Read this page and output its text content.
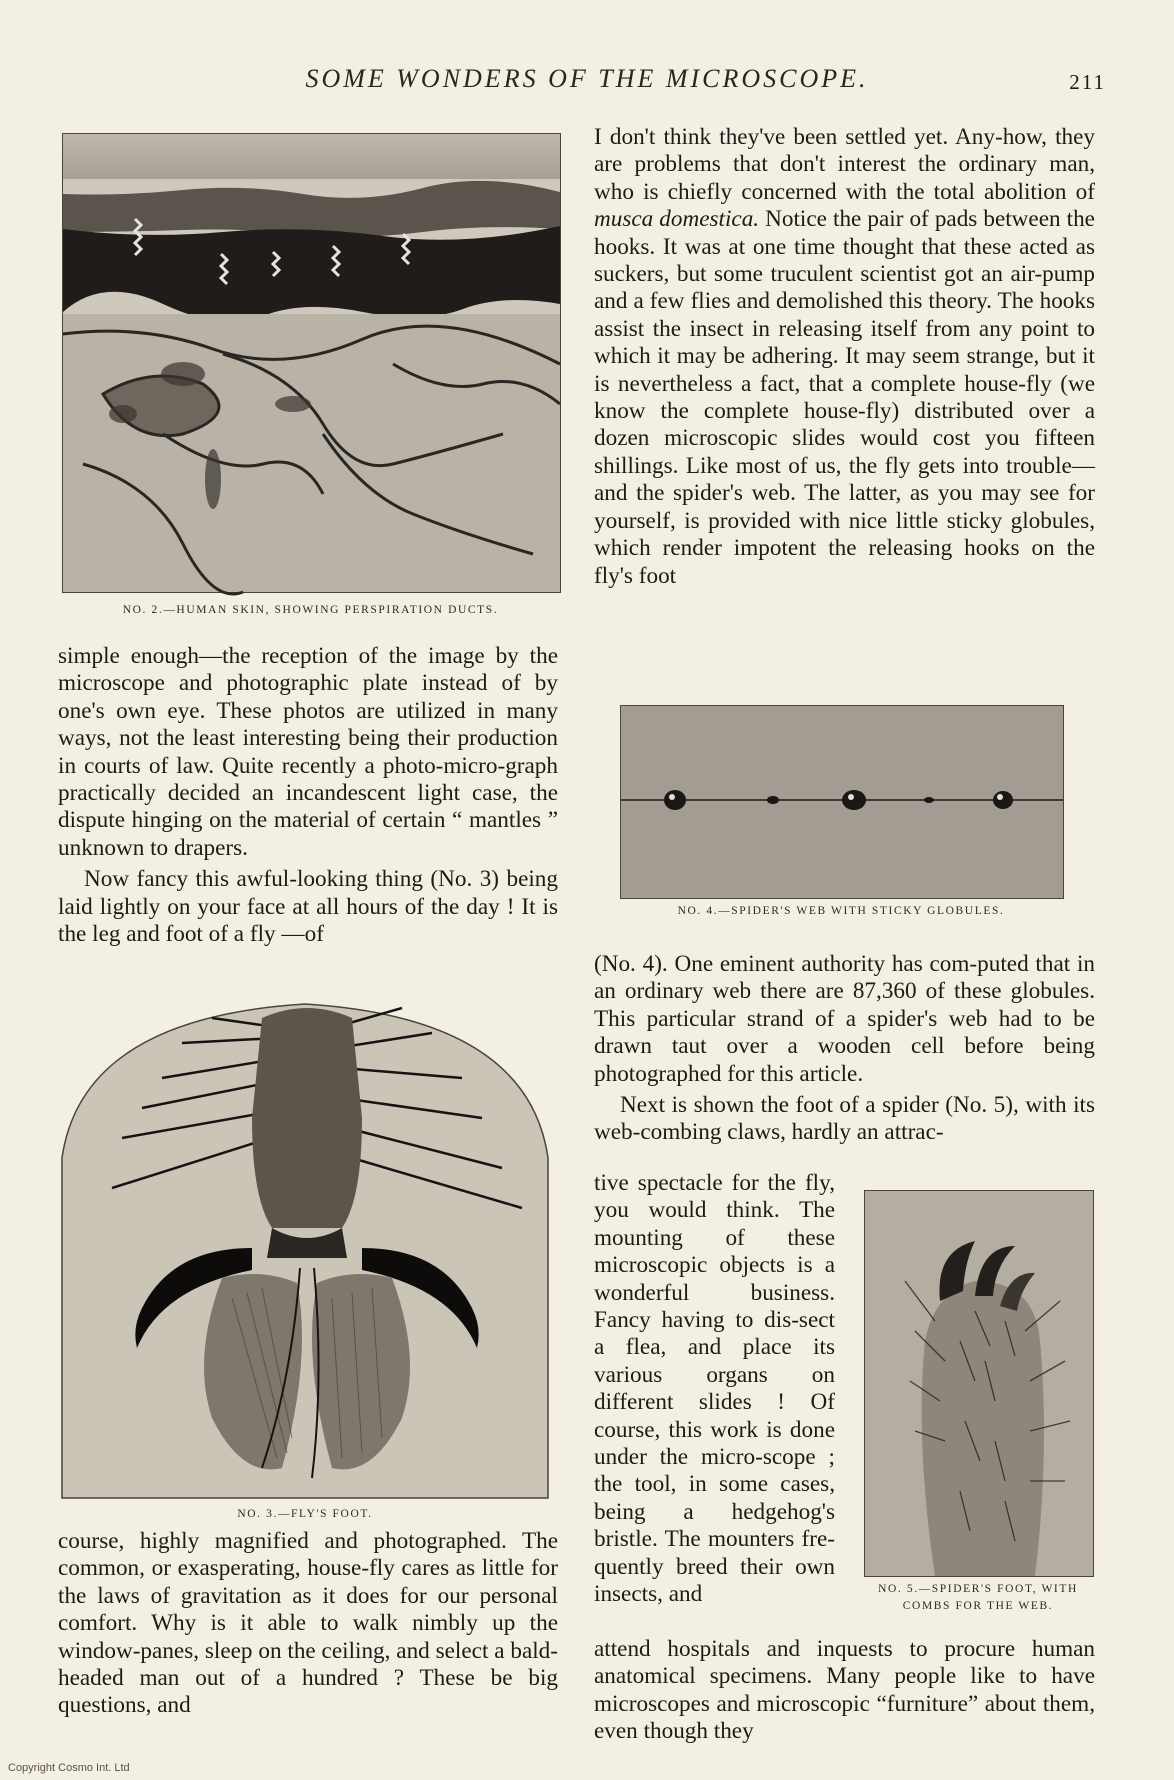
SOME WONDERS OF THE MICROSCOPE.	211
NO. 2.—HUMAN SKIN, SHOWING PERSPIRATION DUCTS.

simple enough—the reception of the image by the microscope and photographic plate instead of by one's own eye. These photos are utilized in many ways, not the least interesting being their production in courts of law. Quite recently a photo-micro-graph practically decided an incandescent light case, the dispute hinging on the material of certain “ mantles ” unknown to drapers.

Now fancy this awful-looking thing (No. 3) being laid lightly on your face at all hours of the day ! It is the leg and foot of a fly —of

NO. 3.—FLY'S FOOT.

course, highly magnified and photographed. The common, or exasperating, house-fly cares as little for the laws of gravitation as it does for our personal comfort. Why is it able to walk nimbly up the window-panes, sleep on the ceiling, and select a bald-headed man out of a hundred ? These be big questions, and

I don't think they've been settled yet. Any-how, they are problems that don't interest the ordinary man, who is chiefly concerned with the total abolition of musca domestica. Notice the pair of pads between the hooks. It was at one time thought that these acted as suckers, but some truculent scientist got an air-pump and a few flies and demolished this theory. The hooks assist the insect in releasing itself from any point to which it may be adhering. It may seem strange, but it is nevertheless a fact, that a complete house-fly (we know the complete house-fly) distributed over a dozen microscopic slides would cost you fifteen shillings. Like most of us, the fly gets into trouble—and the spider's web. The latter, as you may see for yourself, is provided with nice little sticky globules, which render impotent the releasing hooks on the fly's foot

NO. 4.—SPIDER'S WEB WITH STICKY GLOBULES.

(No. 4). One eminent authority has com-puted that in an ordinary web there are 87,360 of these globules. This particular strand of a spider's web had to be drawn taut over a wooden cell before being photographed for this article.

Next is shown the foot of a spider (No. 5), with its web-combing claws, hardly an attrac-

tive spectacle for the fly, you would think. The mounting of these microscopic objects is a wonderful business. Fancy having to dis-sect a flea, and place its various organs on different slides ! Of course, this work is done under the micro-scope ; the tool, in some cases, being a hedgehog's bristle. The mounters fre-quently breed their own insects, and	NO. 5.—SPIDER'S FOOT, WITH
COMBS FOR THE WEB.

attend hospitals and inquests to procure human anatomical specimens. Many people like to have microscopes and microscopic “furniture” about them, even though they

Copyright Cosmo Int. Ltd
